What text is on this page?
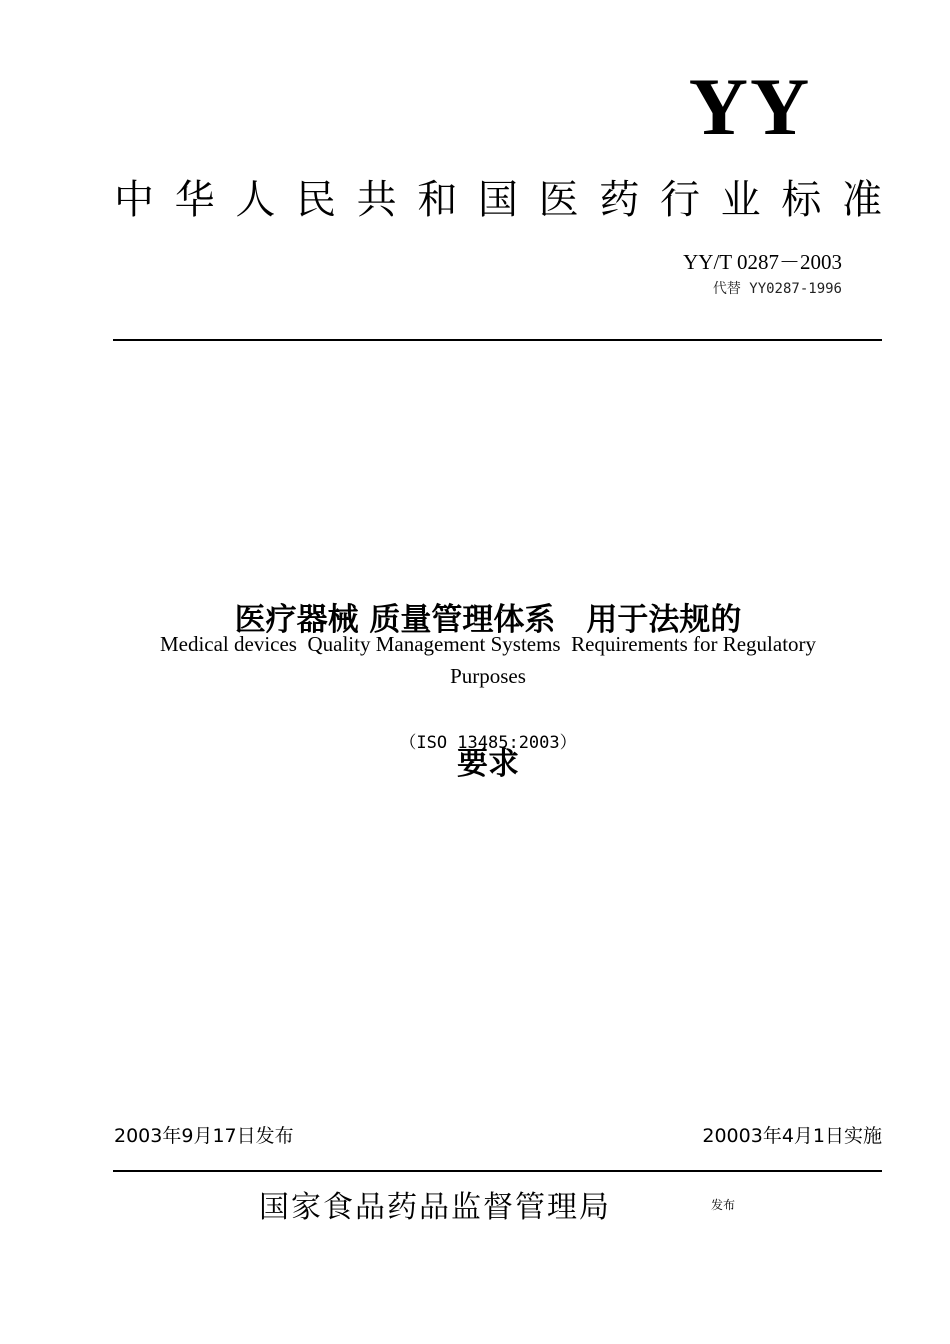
YY
中华人民共和国医药行业标准
YY/T 0287－2003
代替 YY0287-1996

医疗器械 质量管理体系　用于法规的

要求

Medical devices  Quality Management Systems  Requirements for Regulatory Purposes
（ISO 13485:2003）
2003年9月17日发布	20003年4月1日实施
国家食品药品监督管理局	发布
